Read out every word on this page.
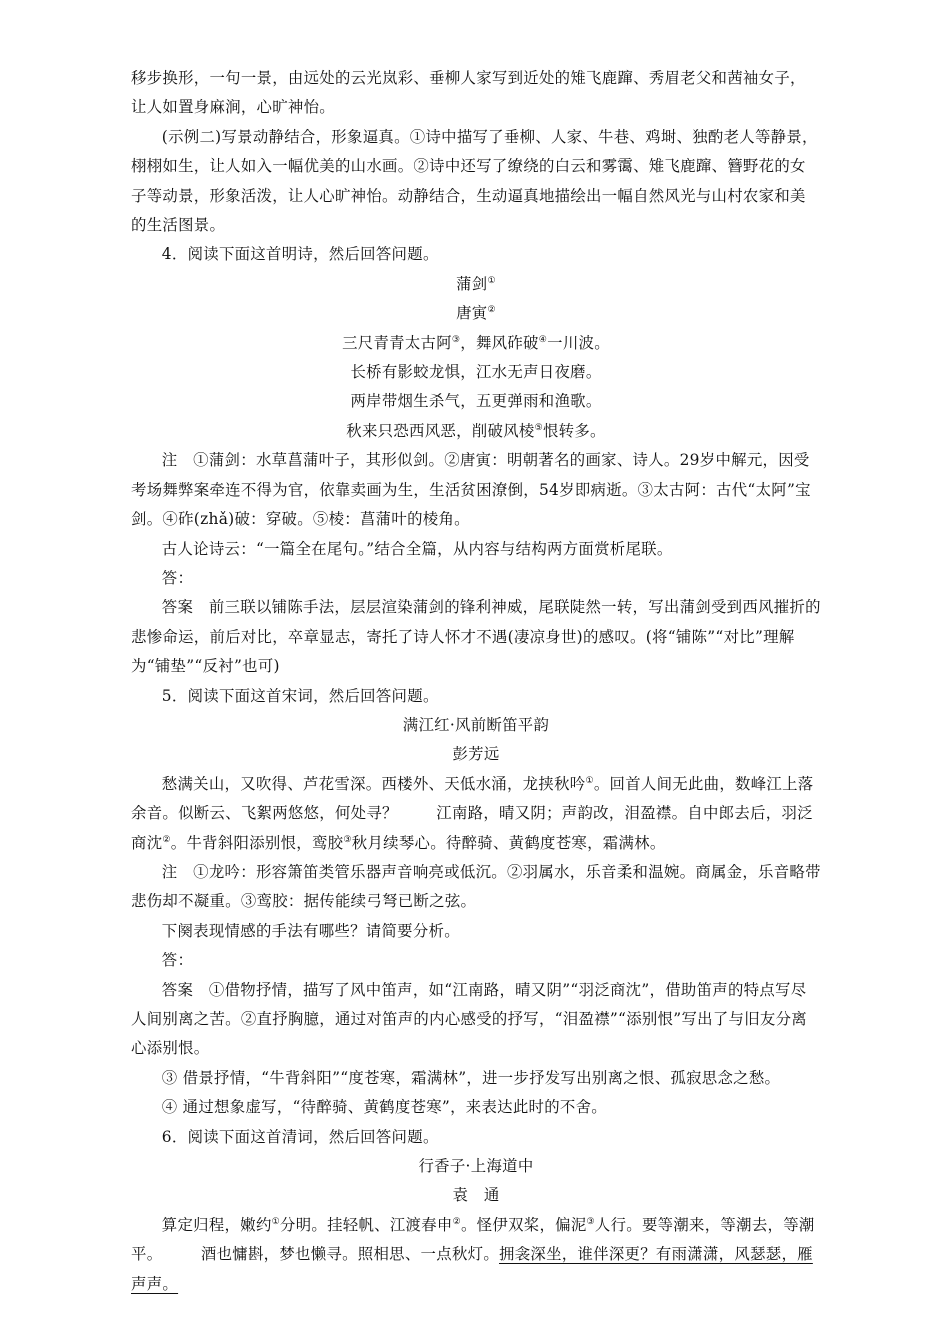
移步换形，一句一景，由远处的云光岚彩、垂柳人家写到近处的雉飞鹿蹿、秀眉老父和茜袖女子，让人如置身麻涧，心旷神怡。

(示例二)写景动静结合，形象逼真。①诗中描写了垂柳、人家、牛巷、鸡埘、独酌老人等静景，栩栩如生，让人如入一幅优美的山水画。②诗中还写了缭绕的白云和雾霭、雉飞鹿蹿、簪野花的女子等动景，形象活泼，让人心旷神怡。动静结合，生动逼真地描绘出一幅自然风光与山村农家和美的生活图景。

4．阅读下面这首明诗，然后回答问题。

蒲剑①

唐寅②

三尺青青太古阿③，舞风砟破④一川波。

长桥有影蛟龙惧，江水无声日夜磨。

两岸带烟生杀气，五更弹雨和渔歌。

秋来只恐西风恶，削破风棱⑤恨转多。

注　①蒲剑：水草菖蒲叶子，其形似剑。②唐寅：明朝著名的画家、诗人。29岁中解元，因受考场舞弊案牵连不得为官，依靠卖画为生，生活贫困潦倒，54岁即病逝。③太古阿：古代“太阿”宝剑。④砟(zhǎ)破：穿破。⑤棱：菖蒲叶的棱角。

古人论诗云：“一篇全在尾句。”结合全篇，从内容与结构两方面赏析尾联。

答：

答案　前三联以铺陈手法，层层渲染蒲剑的锋利神威，尾联陡然一转，写出蒲剑受到西风摧折的悲惨命运，前后对比，卒章显志，寄托了诗人怀才不遇(凄凉身世)的感叹。(将“铺陈”“对比”理解为“铺垫”“反衬”也可)

5．阅读下面这首宋词，然后回答问题。

满江红·风前断笛平韵

彭芳远

愁满关山，又吹得、芦花雪深。西楼外、天低水涌，龙挟秋吟①。回首人间无此曲，数峰江上落余音。似断云、飞絮两悠悠，何处寻？	江南路，晴又阴；声韵改，泪盈襟。自中郎去后，羽泛商沈②。牛背斜阳添别恨，鸾胶③秋月续琴心。待醉骑、黄鹤度苍寒，霜满林。

注　①龙吟：形容箫笛类管乐器声音响亮或低沉。②羽属水，乐音柔和温婉。商属金，乐音略带悲伤却不凝重。③鸾胶：据传能续弓弩已断之弦。

下阕表现情感的手法有哪些？请简要分析。

答：

答案　①借物抒情，描写了风中笛声，如“江南路，晴又阴”“羽泛商沈”，借助笛声的特点写尽人间别离之苦。②直抒胸臆，通过对笛声的内心感受的抒写，“泪盈襟”“添别恨”写出了与旧友分离心添别恨。

③ 借景抒情，“牛背斜阳”“度苍寒，霜满林”，进一步抒发写出别离之恨、孤寂思念之愁。

④ 通过想象虚写，“待醉骑、黄鹤度苍寒”，来表达此时的不舍。

6．阅读下面这首清词，然后回答问题。

行香子·上海道中

袁　通

算定归程，嫩约①分明。挂轻帆、江渡春申②。怪伊双桨，偏泥③人行。要等潮来，等潮去，等潮平。	酒也慵斟，梦也懒寻。照相思、一点秋灯。拥衾深坐，谁伴深更？有雨潇潇，风瑟瑟，雁声声。
